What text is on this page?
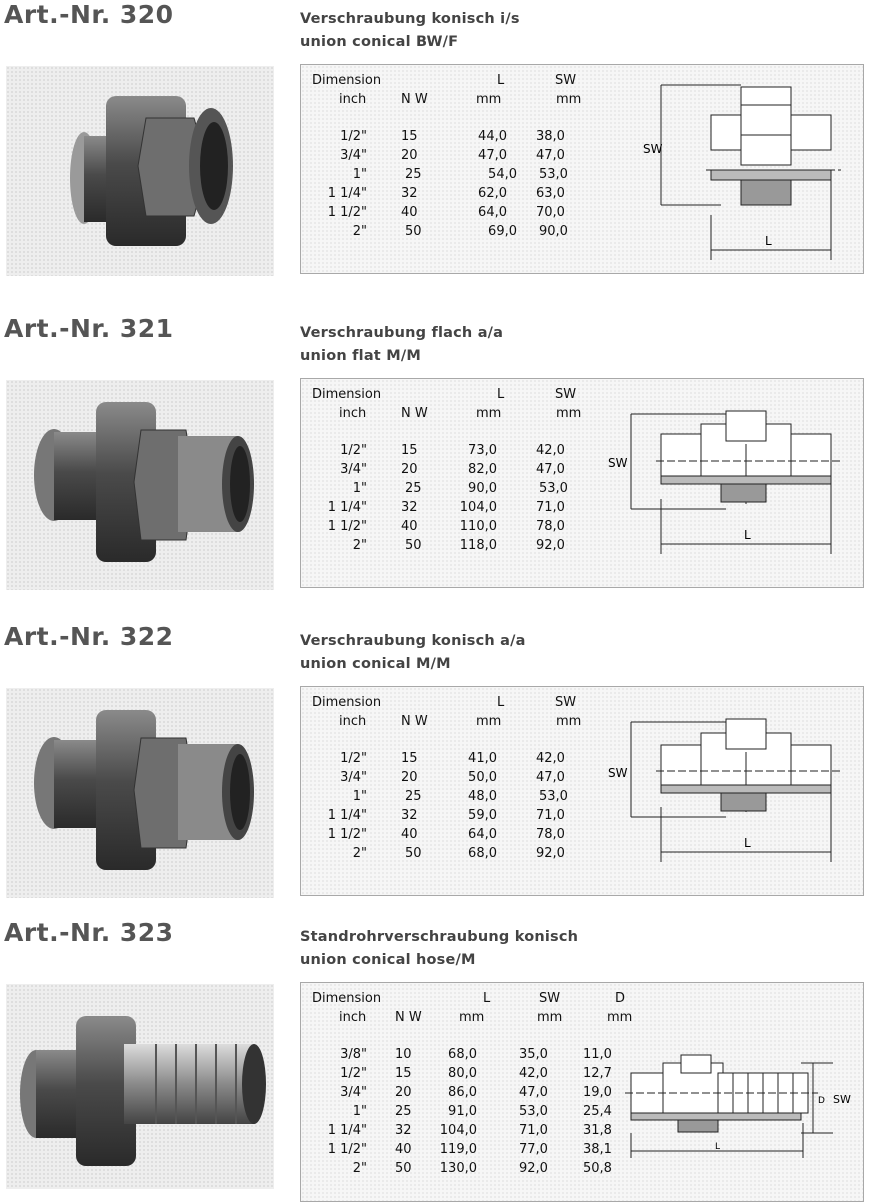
Art.-Nr. 320	Verschraubung konisch i/s
union conical BW/F
Dimension	L	SW
inch	N W	mm	mm
1/2"	15	44,0 38,0
3/4"	20	47,0 47,0
1"	25	54,0 53,0
1 1/4"	32	62,0 63,0
1 1/2"	40	64,0 70,0
2"	50	69,0 90,0
SW
L
Art.-Nr. 321	Verschraubung flach a/a
union flat M/M
Dimension	L	SW
inch	N W	mm	mm
1/2"	15	73,0	42,0
3/4"	20	82,0	47,0
1"	25	90,0	53,0
1 1/4"	32	104,0	71,0
1 1/2"	40	110,0	78,0
2"	50	118,0	92,0
SW
L
Art.-Nr. 322	Verschraubung konisch a/a
union conical M/M
Dimension	L	SW
inch	N W	mm	mm
1/2"	15	41,0	42,0
3/4"	20	50,0	47,0
1"	25	48,0	53,0
1 1/4"	32	59,0	71,0
1 1/2"	40	64,0	78,0
2"	50	68,0	92,0
SW
L
Art.-Nr. 323	Standrohrverschraubung konisch
union conical hose/M
Dimension	L	SW	D
inch N W	mm	mm	mm
3/8" 10	68,0	35,0	11,0
1/2" 15	80,0	42,0	12,7
3/4" 20	86,0	47,0	19,0
1" 25	91,0	53,0	25,4
1 1/4" 32	104,0	71,0	31,8
1 1/2" 40	119,0	77,0	38,1
2" 50	130,0	92,0	50,8
D SW
L
